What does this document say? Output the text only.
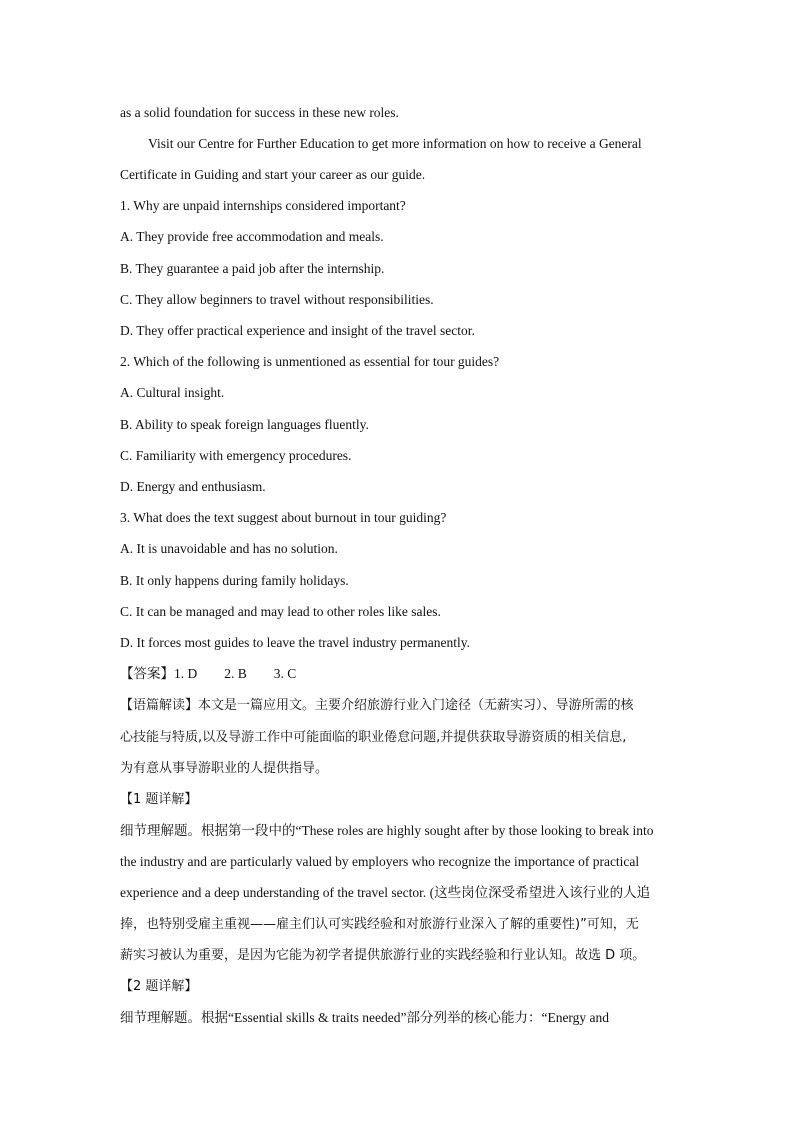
as a solid foundation for success in these new roles.
Visit our Centre for Further Education to get more information on how to receive a General
Certificate in Guiding and start your career as our guide.
1. Why are unpaid internships considered important?
A. They provide free accommodation and meals.
B. They guarantee a paid job after the internship.
C. They allow beginners to travel without responsibilities.
D. They offer practical experience and insight of the travel sector.
2. Which of the following is unmentioned as essential for tour guides?
A. Cultural insight.
B. Ability to speak foreign languages fluently.
C. Familiarity with emergency procedures.
D. Energy and enthusiasm.
3. What does the text suggest about burnout in tour guiding?
A. It is unavoidable and has no solution.
B. It only happens during family holidays.
C. It can be managed and may lead to other roles like sales.
D. It forces most guides to leave the travel industry permanently.
【答案】1. D　　2. B　　3. C
【语篇解读】本文是一篇应用文。主要介绍旅游行业入门途径（无薪实习）、导游所需的核
心技能与特质,以及导游工作中可能面临的职业倦怠问题,并提供获取导游资质的相关信息,
为有意从事导游职业的人提供指导。
【1 题详解】
细节理解题。根据第一段中的“These roles are highly sought after by those looking to break into
the industry and are particularly valued by employers who recognize the importance of practical
experience and a deep understanding of the travel sector. (这些岗位深受希望进入该行业的人追
捧，也特别受雇主重视——雇主们认可实践经验和对旅游行业深入了解的重要性)”可知，无
薪实习被认为重要，是因为它能为初学者提供旅游行业的实践经验和行业认知。故选 D 项。
【2 题详解】
细节理解题。根据“Essential skills & traits needed”部分列举的核心能力：“Energy and
